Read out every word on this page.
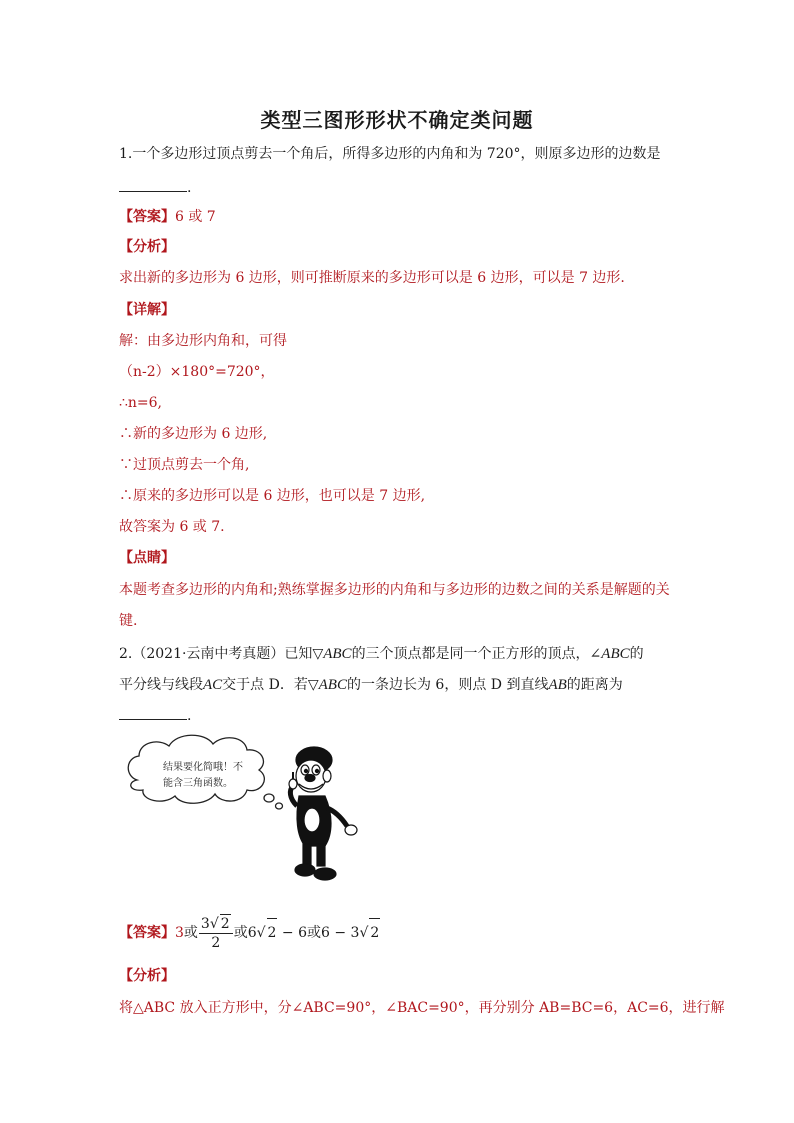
类型三图形形状不确定类问题
1.一个多边形过顶点剪去一个角后，所得多边形的内角和为 720°，则原多边形的边数是
.
【答案】6 或 7
【分析】
求出新的多边形为 6 边形，则可推断原来的多边形可以是 6 边形，可以是 7 边形.
【详解】
解：由多边形内角和，可得
（n-2）×180°=720°，
∴n=6,
∴新的多边形为 6 边形,
∵过顶点剪去一个角,
∴原来的多边形可以是 6 边形，也可以是 7 边形,
故答案为 6 或 7.
【点睛】
本题考查多边形的内角和;熟练掌握多边形的内角和与多边形的边数之间的关系是解题的关
键.
2.（2021·云南中考真题）已知▽ABC的三个顶点都是同一个正方形的顶点，∠ABC的
平分线与线段AC交于点 D．若▽ABC的一条边长为 6，则点 D 到直线AB的距离为
.
结果要化简哦！不
能含三角函数。
【答案】3或 $\frac{3√ 2}{2}$ 或6√ 2 − 6或6 − 3√ 2
【分析】
将△ABC 放入正方形中，分∠ABC=90°，∠BAC=90°，再分别分 AB=BC=6，AC=6，进行解
